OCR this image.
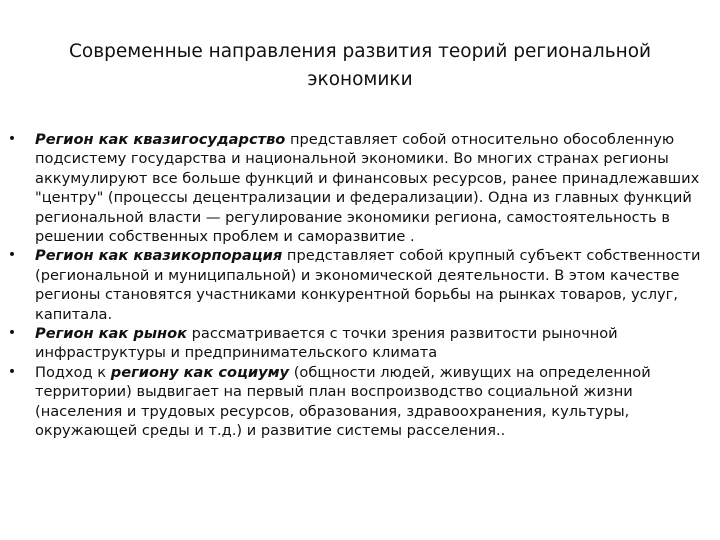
Современные направления развития теорий региональной
экономики
• Регион как квазигосударство представляет собой относительно обособленную подсистему государства и национальной экономики. Во многих странах регионы аккумулируют все больше функций и финансовых ресурсов, ранее принадлежавших "центру" (процессы децентрализации и федерализации). Одна из главных функций региональной власти — регулирование экономики региона, самостоятельность в решении собственных проблем и саморазвитие .
• Регион как квазикорпорация представляет собой крупный субъект собственности (региональной и муниципальной) и экономической деятельности. В этом качестве регионы становятся участниками конкурентной борьбы на рынках товаров, услуг, капитала.
• Регион как рынок рассматривается с точки зрения развитости рыночной инфраструктуры и предпринимательского климата
• Подход к региону как социуму (общности людей, живущих на определенной территории) выдвигает на первый план воспроизводство социальной жизни (населения и трудовых ресурсов, образования, здравоохранения, культуры, окружающей среды и т.д.) и развитие системы расселения..
